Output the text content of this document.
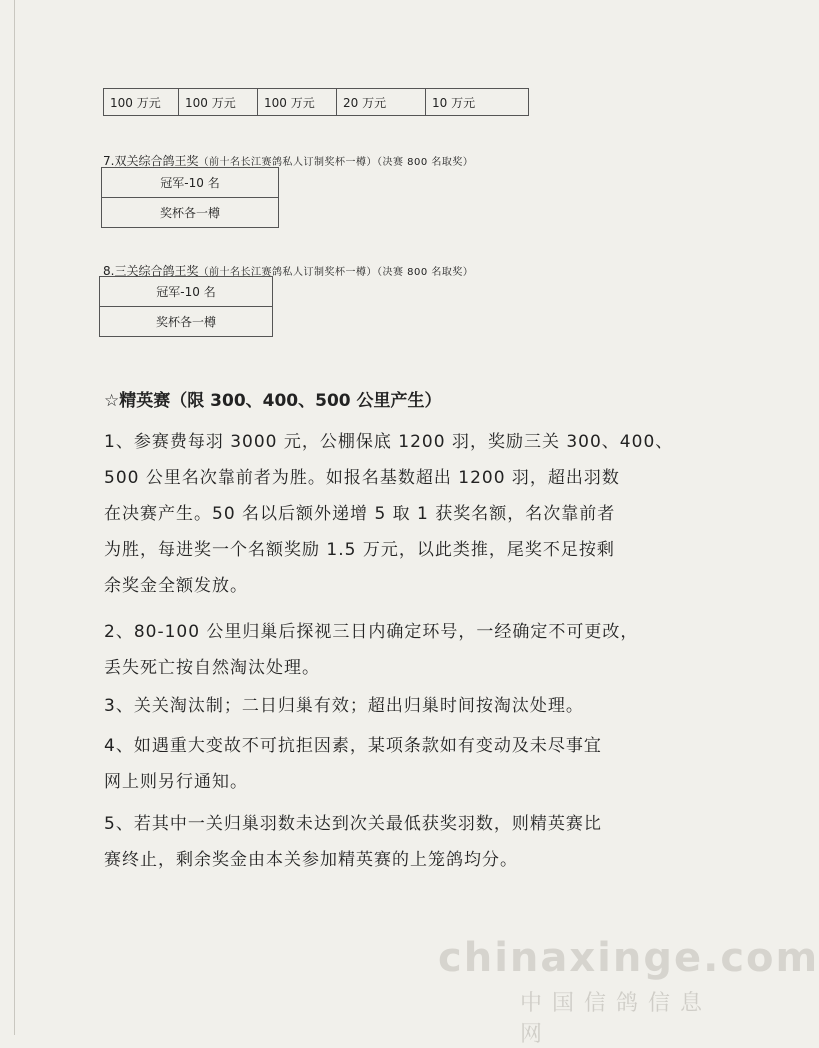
100 万元	100 万元	100 万元	20 万元	10 万元
7.双关综合鸽王奖（前十名长江赛鸽私人订制奖杯一樽）（决赛 800 名取奖）
冠军-10 名
奖杯各一樽
8.三关综合鸽王奖（前十名长江赛鸽私人订制奖杯一樽）（决赛 800 名取奖）
冠军-10 名
奖杯各一樽
☆精英赛（限 300、400、500 公里产生）
1、参赛费每羽 3000 元，公棚保底 1200 羽，奖励三关 300、400、
500 公里名次靠前者为胜。如报名基数超出 1200 羽，超出羽数
在决赛产生。50 名以后额外递增 5 取 1 获奖名额，名次靠前者
为胜，每进奖一个名额奖励 1.5 万元，以此类推，尾奖不足按剩
余奖金全额发放。
2、80-100 公里归巢后探视三日内确定环号，一经确定不可更改，
丢失死亡按自然淘汰处理。
3、关关淘汰制；二日归巢有效；超出归巢时间按淘汰处理。
4、如遇重大变故不可抗拒因素，某项条款如有变动及未尽事宜
网上则另行通知。
5、若其中一关归巢羽数未达到次关最低获奖羽数，则精英赛比
赛终止，剩余奖金由本关参加精英赛的上笼鸽均分。
chinaxinge.com
中国信鸽信息网
